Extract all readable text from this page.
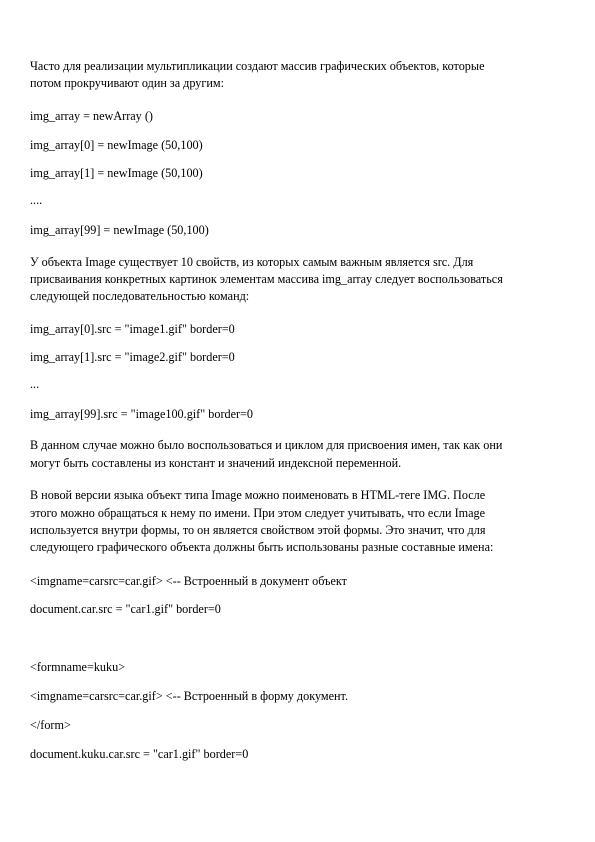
Часто для реализации мультипликации создают массив графических объектов, которые
потом прокручивают один за другим:
img_array = newArray ()
img_array[0] = newImage (50,100)
img_array[1] = newImage (50,100)
....
img_array[99] = newImage (50,100)
У объекта Image существует 10 свойств, из которых самым важным является src. Для
присваивания конкретных картинок элементам массива img_array следует воспользоваться
следующей последовательностью команд:
img_array[0].src = "image1.gif" border=0
img_array[1].src = "image2.gif" border=0
...
img_array[99].src = "image100.gif" border=0
В данном случае можно было воспользоваться и циклом для присвоения имен, так как они
могут быть составлены из констант и значений индексной переменной.
В новой версии языка объект типа Image можно поименовать в HTML-теге IMG. После
этого можно обращаться к нему по имени. При этом следует учитывать, что если Image
используется внутри формы, то он является свойством этой формы. Это значит, что для
следующего графического объекта должны быть использованы разные составные имена:
<imgname=carsrc=car.gif> <-- Встроенный в документ объект
document.car.src = "car1.gif" border=0
<formname=kuku>
<imgname=carsrc=car.gif> <-- Встроенный в форму документ.
</form>
document.kuku.car.src = "car1.gif" border=0
